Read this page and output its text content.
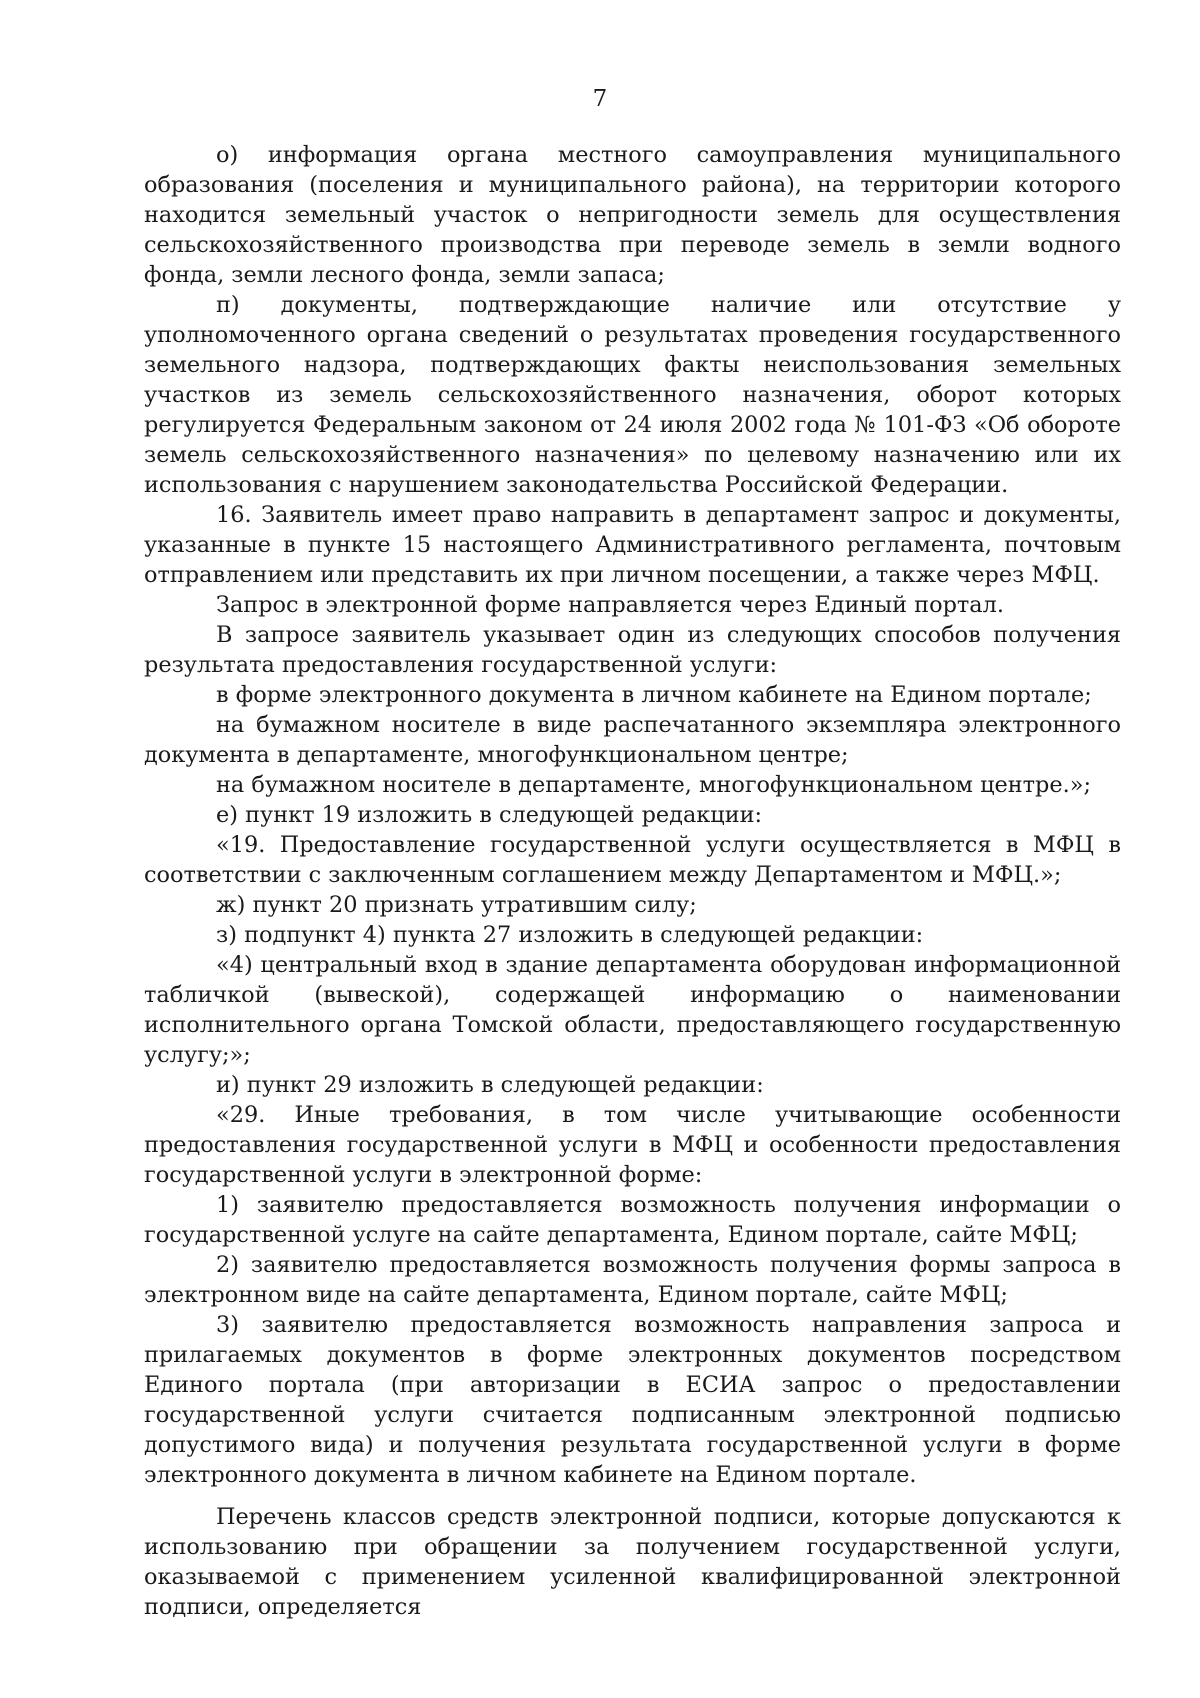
7

о) информация органа местного самоуправления муниципального образования (поселения и муниципального района), на территории которого находится земельный участок о непригодности земель для осуществления сельскохозяйственного производства при переводе земель в земли водного фонда, земли лесного фонда, земли запаса;

п) документы, подтверждающие наличие или отсутствие у уполномоченного органа сведений о результатах проведения государственного земельного надзора, подтверждающих факты неиспользования земельных участков из земель сельскохозяйственного назначения, оборот которых регулируется Федеральным законом от 24 июля 2002 года № 101-ФЗ «Об обороте земель сельскохозяйственного назначения» по целевому назначению или их использования с нарушением законодательства Российской Федерации.

16. Заявитель имеет право направить в департамент запрос и документы, указанные в пункте 15 настоящего Административного регламента, почтовым отправлением или представить их при личном посещении, а также через МФЦ.

Запрос в электронной форме направляется через Единый портал.

В запросе заявитель указывает один из следующих способов получения результата предоставления государственной услуги:

в форме электронного документа в личном кабинете на Едином портале;

на бумажном носителе в виде распечатанного экземпляра электронного документа в департаменте, многофункциональном центре;

на бумажном носителе в департаменте, многофункциональном центре.»;

е) пункт 19 изложить в следующей редакции:

«19. Предоставление государственной услуги осуществляется в МФЦ в соответствии с заключенным соглашением между Департаментом и МФЦ.»;

ж) пункт 20 признать утратившим силу;

з) подпункт 4) пункта 27 изложить в следующей редакции:

«4) центральный вход в здание департамента оборудован информационной табличкой (вывеской), содержащей информацию о наименовании исполнительного органа Томской области, предоставляющего государственную услугу;»;

и) пункт 29 изложить в следующей редакции:

«29. Иные требования, в том числе учитывающие особенности предоставления государственной услуги в МФЦ и особенности предоставления государственной услуги в электронной форме:

1) заявителю предоставляется возможность получения информации о государственной услуге на сайте департамента, Едином портале, сайте МФЦ;

2) заявителю предоставляется возможность получения формы запроса в электронном виде на сайте департамента, Едином портале, сайте МФЦ;

3) заявителю предоставляется возможность направления запроса и прилагаемых документов в форме электронных документов посредством Единого портала (при авторизации в ЕСИА запрос о предоставлении государственной услуги считается подписанным электронной подписью допустимого вида) и получения результата государственной услуги в форме электронного документа в личном кабинете на Едином портале.

Перечень классов средств электронной подписи, которые допускаются к использованию при обращении за получением государственной услуги, оказываемой с применением усиленной квалифицированной электронной подписи, определяется
